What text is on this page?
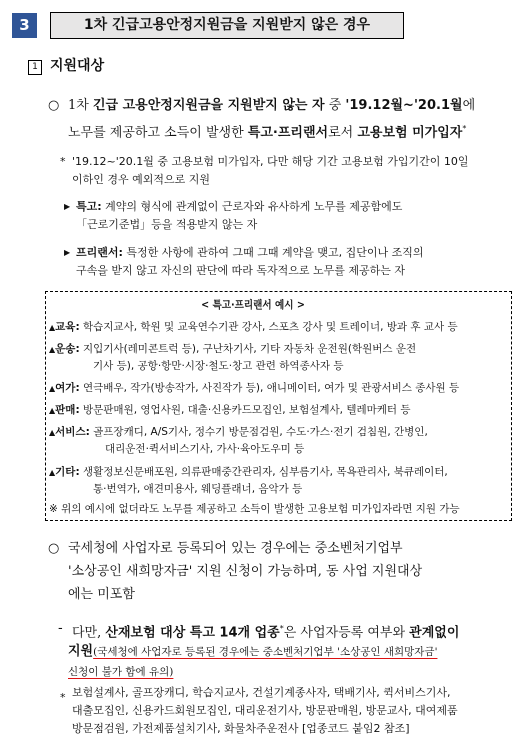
3	1차 긴급고용안정지원금을 지원받지 않은 경우
1 지원대상
○ 1차 긴급 고용안정지원금을 지원받지 않는 자 중 '19.12월~'20.1월에
노무를 제공하고 소득이 발생한 특고·프리랜서로서 고용보험 미가입자*
* '19.12~'20.1월 중 고용보험 미가입자, 다만 해당 기간 고용보험 가입기간이 10일
이하인 경우 예외적으로 지원
▶ 특고: 계약의 형식에 관계없이 근로자와 유사하게 노무를 제공함에도
「근로기준법」등을 적용받지 않는 자
▶ 프리랜서: 특정한 사항에 관하여 그때 그때 계약을 맺고, 집단이나 조직의
구속을 받지 않고 자신의 판단에 따라 독자적으로 노무를 제공하는 자
< 특고·프리랜서 예시 >
▲교육: 학습지교사, 학원 및 교육연수기관 강사, 스포츠 강사 및 트레이너, 방과 후 교사 등
▲운송: 지입기사(레미콘트럭 등), 구난차기사, 기타 자동차 운전원(학원버스 운전
기사 등), 공항·항만·시장·철도·창고 관련 하역종사자 등
▲여가: 연극배우, 작가(방송작가, 사진작가 등), 애니메이터, 여가 및 관광서비스 종사원 등
▲판매: 방문판매원, 영업사원, 대출·신용카드모집인, 보험설계사, 텔레마케터 등
▲서비스: 골프장캐디, A/S기사, 정수기 방문점검원, 수도·가스·전기 검침원, 간병인,
대리운전·퀵서비스기사, 가사·육아도우미 등
▲기타: 생활정보신문배포원, 의류판매중간관리자, 심부름기사, 목욕관리사, 북큐레이터,
통·번역가, 애견미용사, 웨딩플래너, 음악가 등
※ 위의 예시에 없더라도 노무를 제공하고 소득이 발생한 고용보험 미가입자라면 지원 가능
○ 국세청에 사업자로 등록되어 있는 경우에는 중소벤처기업부
'소상공인 새희망자금' 지원 신청이 가능하며, 동 사업 지원대상
에는 미포함
- 다만, 산재보험 대상 특고 14개 업종*은 사업자등록 여부와 관계없이
지원(국세청에 사업자로 등록된 경우에는 중소벤처기업부 '소상공인 새희망자금'
신청이 불가 함에 유의)
* 보험설계사, 골프장캐디, 학습지교사, 건설기계종사자, 택배기사, 퀵서비스기사,
대출모집인, 신용카드회원모집인, 대리운전기사, 방문판매원, 방문교사, 대여제품
방문점검원, 가전제품설치기사, 화물차주운전사 [업종코드 붙임2 참조]
